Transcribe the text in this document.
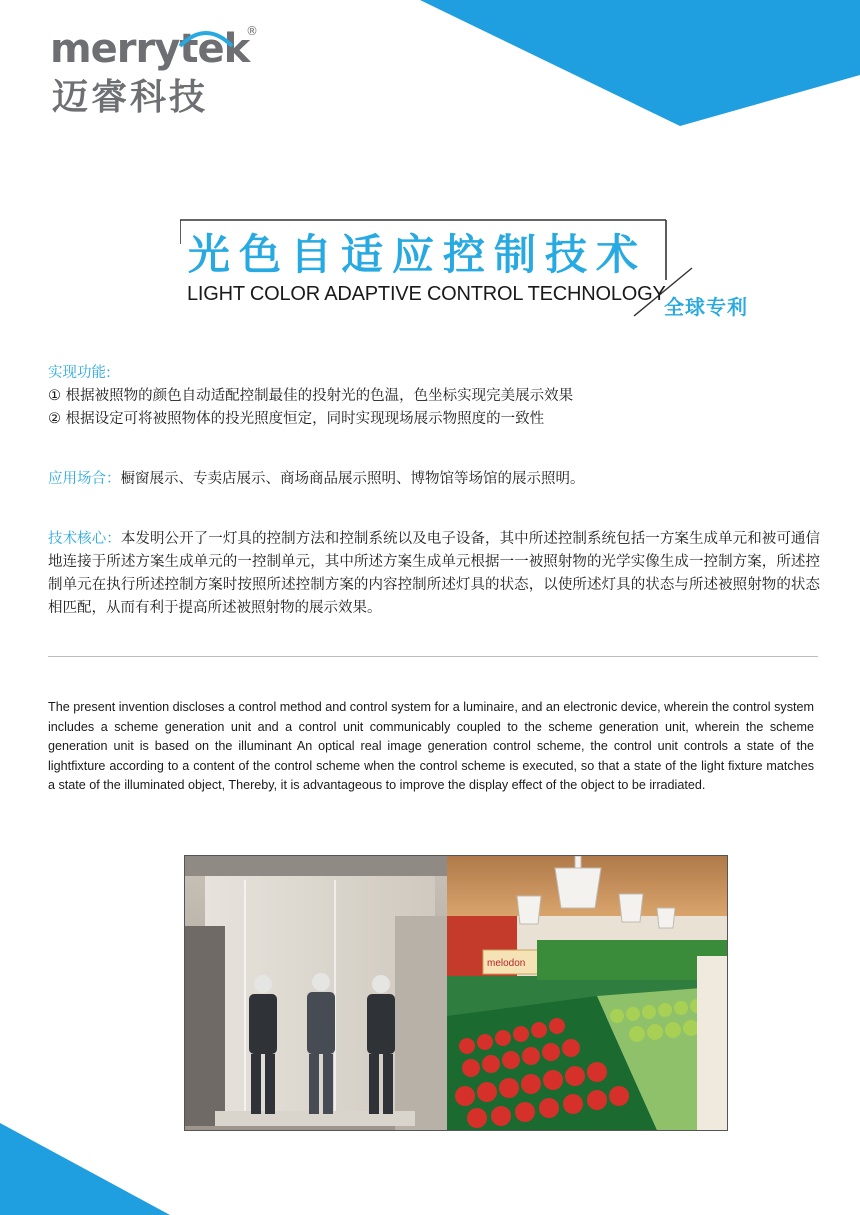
merrytek
®
迈睿科技
光色自适应控制技术
LIGHT COLOR ADAPTIVE CONTROL TECHNOLOGY
全球专利
实现功能:
① 根据被照物的颜色自动适配控制最佳的投射光的色温，色坐标实现完美展示效果
② 根据设定可将被照物体的投光照度恒定，同时实现现场展示物照度的一致性
应用场合：橱窗展示、专卖店展示、商场商品展示照明、博物馆等场馆的展示照明。
技术核心：本发明公开了一灯具的控制方法和控制系统以及电子设备，其中所述控制系统包括一方案生成单元和被可通信地连接于所述方案生成单元的一控制单元，其中所述方案生成单元根据一一被照射物的光学实像生成一控制方案，所述控制单元在执行所述控制方案时按照所述控制方案的内容控制所述灯具的状态，以使所述灯具的状态与所述被照射物的状态相匹配，从而有利于提高所述被照射物的展示效果。
The present invention discloses a control method and control system for a luminaire, and an electronic device, wherein the control system includes a scheme generation unit and a control unit communicably coupled to the scheme generation unit, wherein the scheme generation unit is based on the illuminant An optical real image generation control scheme, the control unit controls a state of the lightfixture according to a content of the control scheme when the control scheme is executed, so that a state of the light fixture matches a state of the illuminated object, Thereby, it is advantageous to improve the display effect of the object to be irradiated.
melodon
